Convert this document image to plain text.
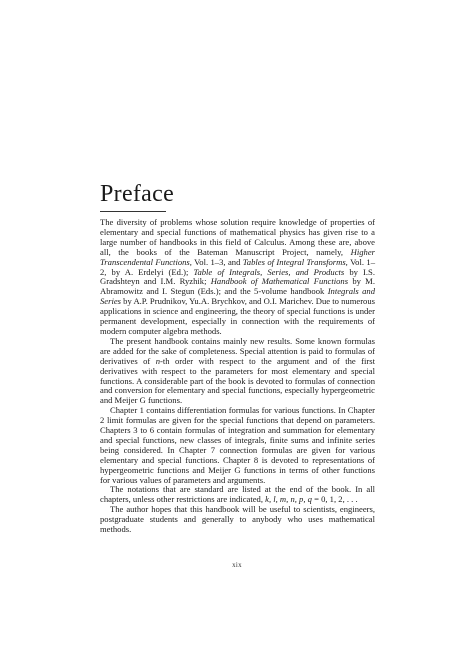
Preface

The diversity of problems whose solution require knowledge of properties of elementary and special functions of mathematical physics has given rise to a large number of handbooks in this field of Calculus. Among these are, above all, the books of the Bateman Manuscript Project, namely, Higher Transcendental Functions, Vol. 1–3, and Tables of Integral Transforms, Vol. 1–2, by A. Erdelyi (Ed.); Table of Integrals, Series, and Products by I.S. Gradshteyn and I.M. Ryzhik; Handbook of Mathematical Functions by M. Abramowitz and I. Stegun (Eds.); and the 5-volume handbook Integrals and Series by A.P. Prudnikov, Yu.A. Brychkov, and O.I. Marichev. Due to numerous applications in science and engineering, the theory of special functions is under permanent development, especially in connection with the requirements of modern computer algebra methods.

The present handbook contains mainly new results. Some known formulas are added for the sake of completeness. Special attention is paid to formulas of derivatives of n-th order with respect to the argument and of the first derivatives with respect to the parameters for most elementary and special functions. A considerable part of the book is devoted to formulas of connection and conversion for elementary and special functions, especially hypergeometric and Meijer G functions.

Chapter 1 contains differentiation formulas for various functions. In Chapter 2 limit formulas are given for the special functions that depend on parameters. Chapters 3 to 6 contain formulas of integration and summation for elementary and special functions, new classes of integrals, finite sums and infinite series being considered. In Chapter 7 connection formulas are given for various elementary and special functions. Chapter 8 is devoted to representations of hypergeometric functions and Meijer G functions in terms of other functions for various values of parameters and arguments.

The notations that are standard are listed at the end of the book. In all chapters, unless other restrictions are indicated, k, l, m, n, p, q = 0, 1, 2, . . .

The author hopes that this handbook will be useful to scientists, engineers, postgraduate students and generally to anybody who uses mathematical methods.

xix
